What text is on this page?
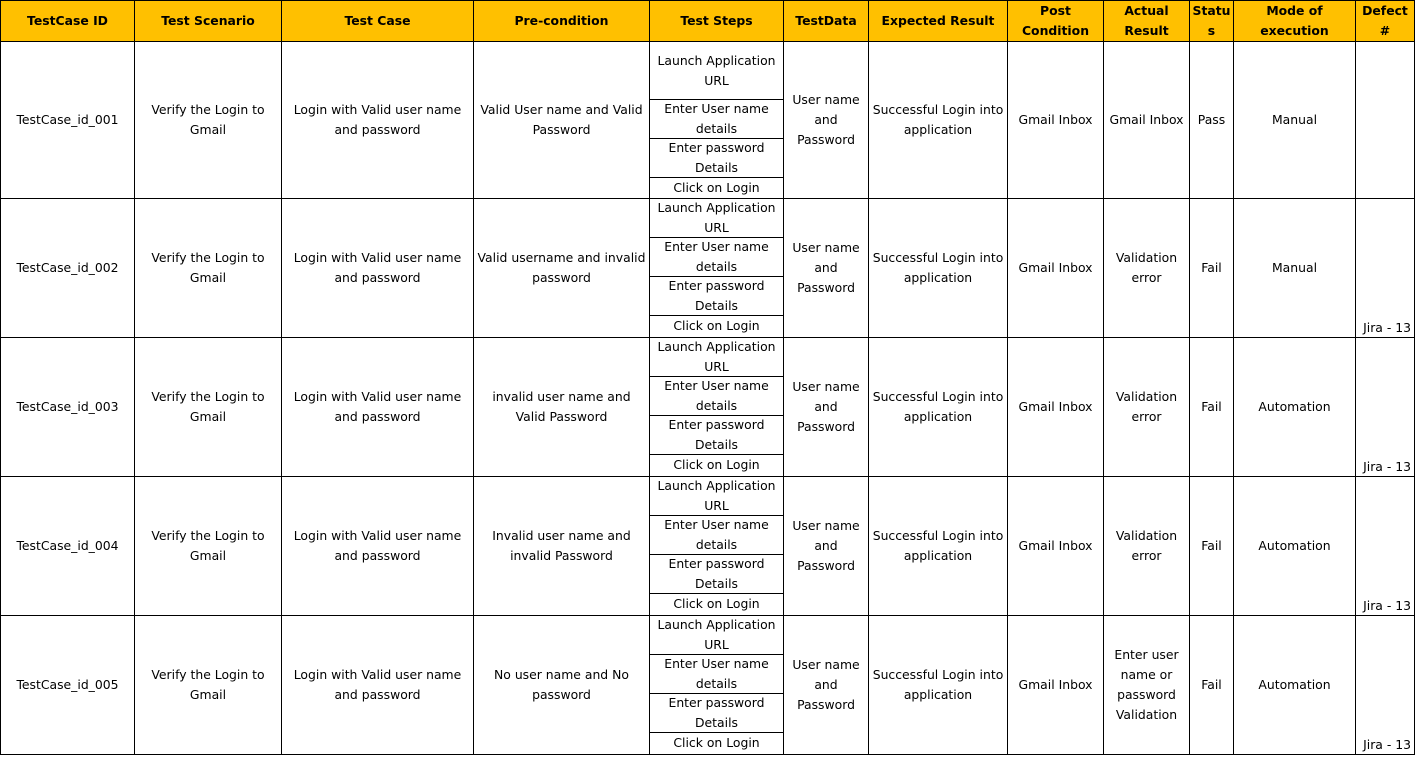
TestCase ID	Test Scenario	Test Case	Pre-condition	Test Steps	TestData	Expected Result	Post Condition	Actual Result	Status	Mode of execution	Defect #
TestCase_id_001	Verify the Login to Gmail	Login with Valid user name and password	Valid User name and Valid Password	Launch Application URL
Enter User name details
Enter password Details
Click on Login	User name and Password	Successful Login into application	Gmail Inbox	Gmail Inbox	Pass	Manual	
TestCase_id_002	Verify the Login to Gmail	Login with Valid user name and password	Valid username and invalid password	Launch Application URL
Enter User name details
Enter password Details
Click on Login	User name and Password	Successful Login into application	Gmail Inbox	Validation error	Fail	Manual	Jira - 13
TestCase_id_003	Verify the Login to Gmail	Login with Valid user name and password	invalid user name and Valid Password	Launch Application URL
Enter User name details
Enter password Details
Click on Login	User name and Password	Successful Login into application	Gmail Inbox	Validation error	Fail	Automation	Jira - 13
TestCase_id_004	Verify the Login to Gmail	Login with Valid user name and password	Invalid user name and invalid Password	Launch Application URL
Enter User name details
Enter password Details
Click on Login	User name and Password	Successful Login into application	Gmail Inbox	Validation error	Fail	Automation	Jira - 13
TestCase_id_005	Verify the Login to Gmail	Login with Valid user name and password	No user name and No password	Launch Application URL
Enter User name details
Enter password Details
Click on Login	User name and Password	Successful Login into application	Gmail Inbox	Enter user name or password Validation	Fail	Automation	Jira - 13
